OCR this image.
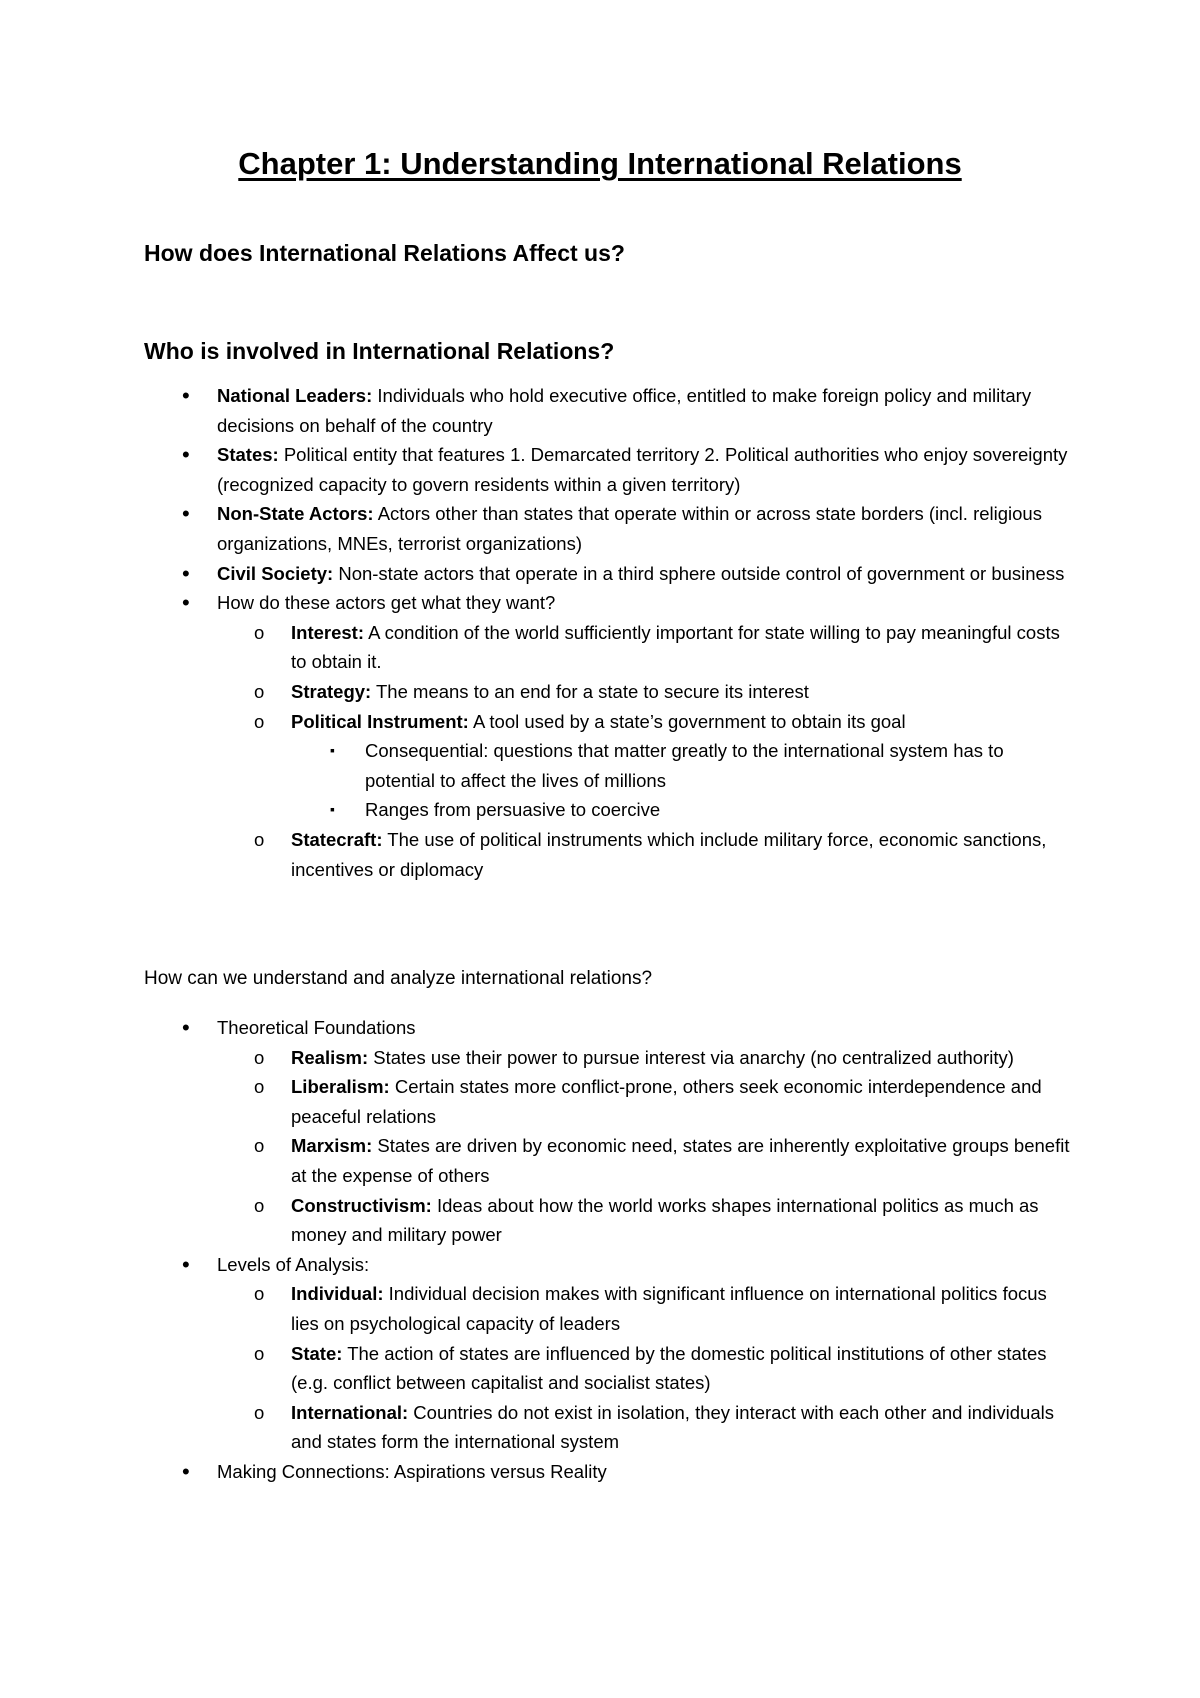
Chapter 1: Understanding International Relations
How does International Relations Affect us?
Who is involved in International Relations?
• National Leaders: Individuals who hold executive office, entitled to make foreign policy and military decisions on behalf of the country
• States: Political entity that features 1. Demarcated territory 2. Political authorities who enjoy sovereignty (recognized capacity to govern residents within a given territory)
• Non-State Actors: Actors other than states that operate within or across state borders (incl. religious organizations, MNEs, terrorist organizations)
• Civil Society: Non-state actors that operate in a third sphere outside control of government or business
• How do these actors get what they want?
o Interest: A condition of the world sufficiently important for state willing to pay meaningful costs to obtain it.
o Strategy: The means to an end for a state to secure its interest
o Political Instrument: A tool used by a state’s government to obtain its goal
▪ Consequential: questions that matter greatly to the international system has to potential to affect the lives of millions
▪ Ranges from persuasive to coercive
o Statecraft: The use of political instruments which include military force, economic sanctions, incentives or diplomacy

How can we understand and analyze international relations?

• Theoretical Foundations
o Realism: States use their power to pursue interest via anarchy (no centralized authority)
o Liberalism: Certain states more conflict-prone, others seek economic interdependence and peaceful relations
o Marxism: States are driven by economic need, states are inherently exploitative groups benefit at the expense of others
o Constructivism: Ideas about how the world works shapes international politics as much as money and military power
• Levels of Analysis:
o Individual: Individual decision makes with significant influence on international politics focus lies on psychological capacity of leaders
o State: The action of states are influenced by the domestic political institutions of other states (e.g. conflict between capitalist and socialist states)
o International: Countries do not exist in isolation, they interact with each other and individuals and states form the international system
• Making Connections: Aspirations versus Reality
